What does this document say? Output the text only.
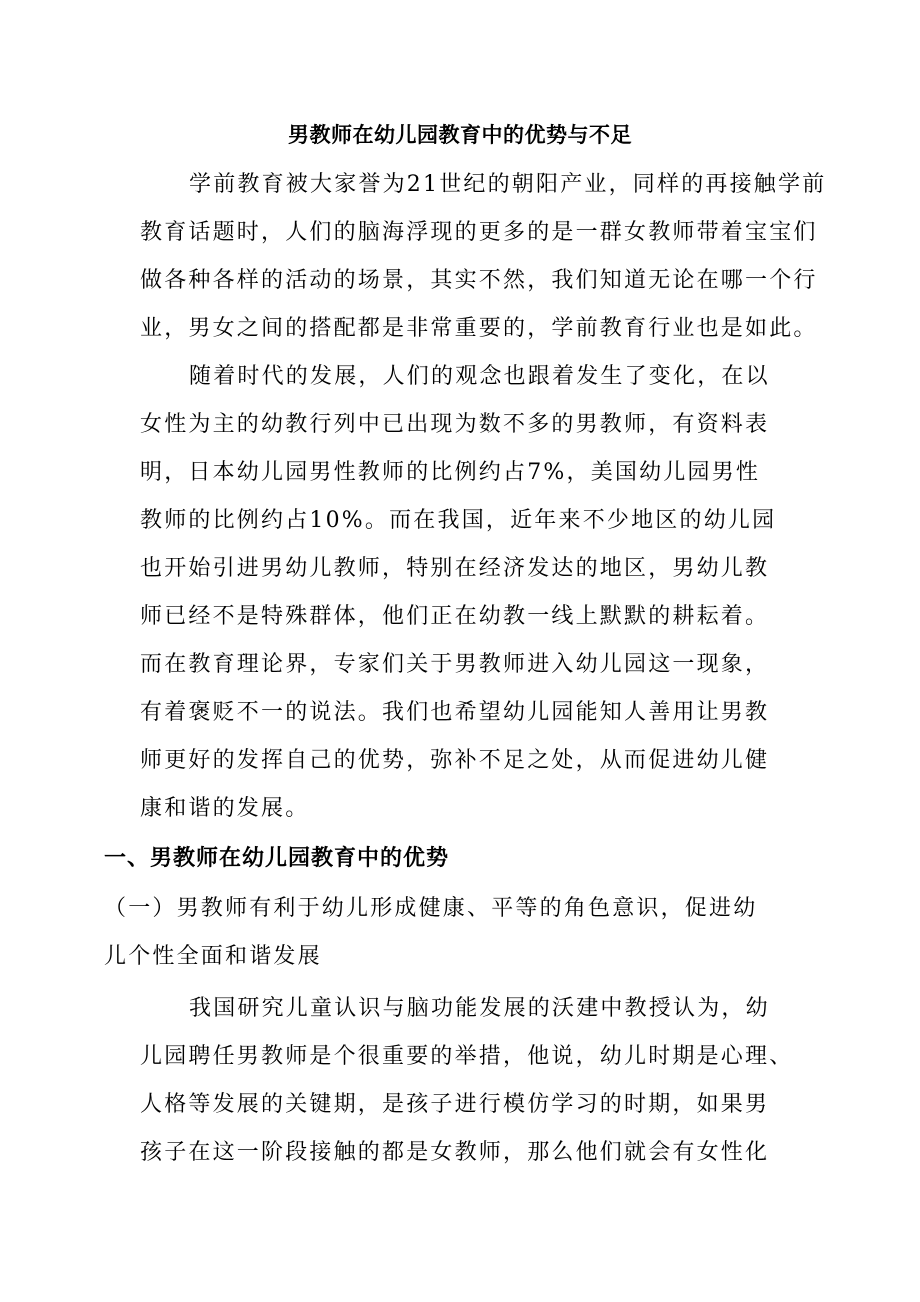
男教师在幼儿园教育中的优势与不足
学前教育被大家誉为21世纪的朝阳产业，同样的再接触学前
教育话题时，人们的脑海浮现的更多的是一群女教师带着宝宝们
做各种各样的活动的场景，其实不然，我们知道无论在哪一个行
业，男女之间的搭配都是非常重要的，学前教育行业也是如此。
随着时代的发展，人们的观念也跟着发生了变化，在以
女性为主的幼教行列中已出现为数不多的男教师，有资料表
明，日本幼儿园男性教师的比例约占7%，美国幼儿园男性
教师的比例约占10%。而在我国，近年来不少地区的幼儿园
也开始引进男幼儿教师，特别在经济发达的地区，男幼儿教
师已经不是特殊群体，他们正在幼教一线上默默的耕耘着。
而在教育理论界，专家们关于男教师进入幼儿园这一现象，
有着褒贬不一的说法。我们也希望幼儿园能知人善用让男教
师更好的发挥自己的优势，弥补不足之处，从而促进幼儿健
康和谐的发展。
一、男教师在幼儿园教育中的优势
（一）男教师有利于幼儿形成健康、平等的角色意识，促进幼
儿个性全面和谐发展
我国研究儿童认识与脑功能发展的沃建中教授认为，幼
儿园聘任男教师是个很重要的举措，他说，幼儿时期是心理、
人格等发展的关键期，是孩子进行模仿学习的时期，如果男
孩子在这一阶段接触的都是女教师，那么他们就会有女性化
